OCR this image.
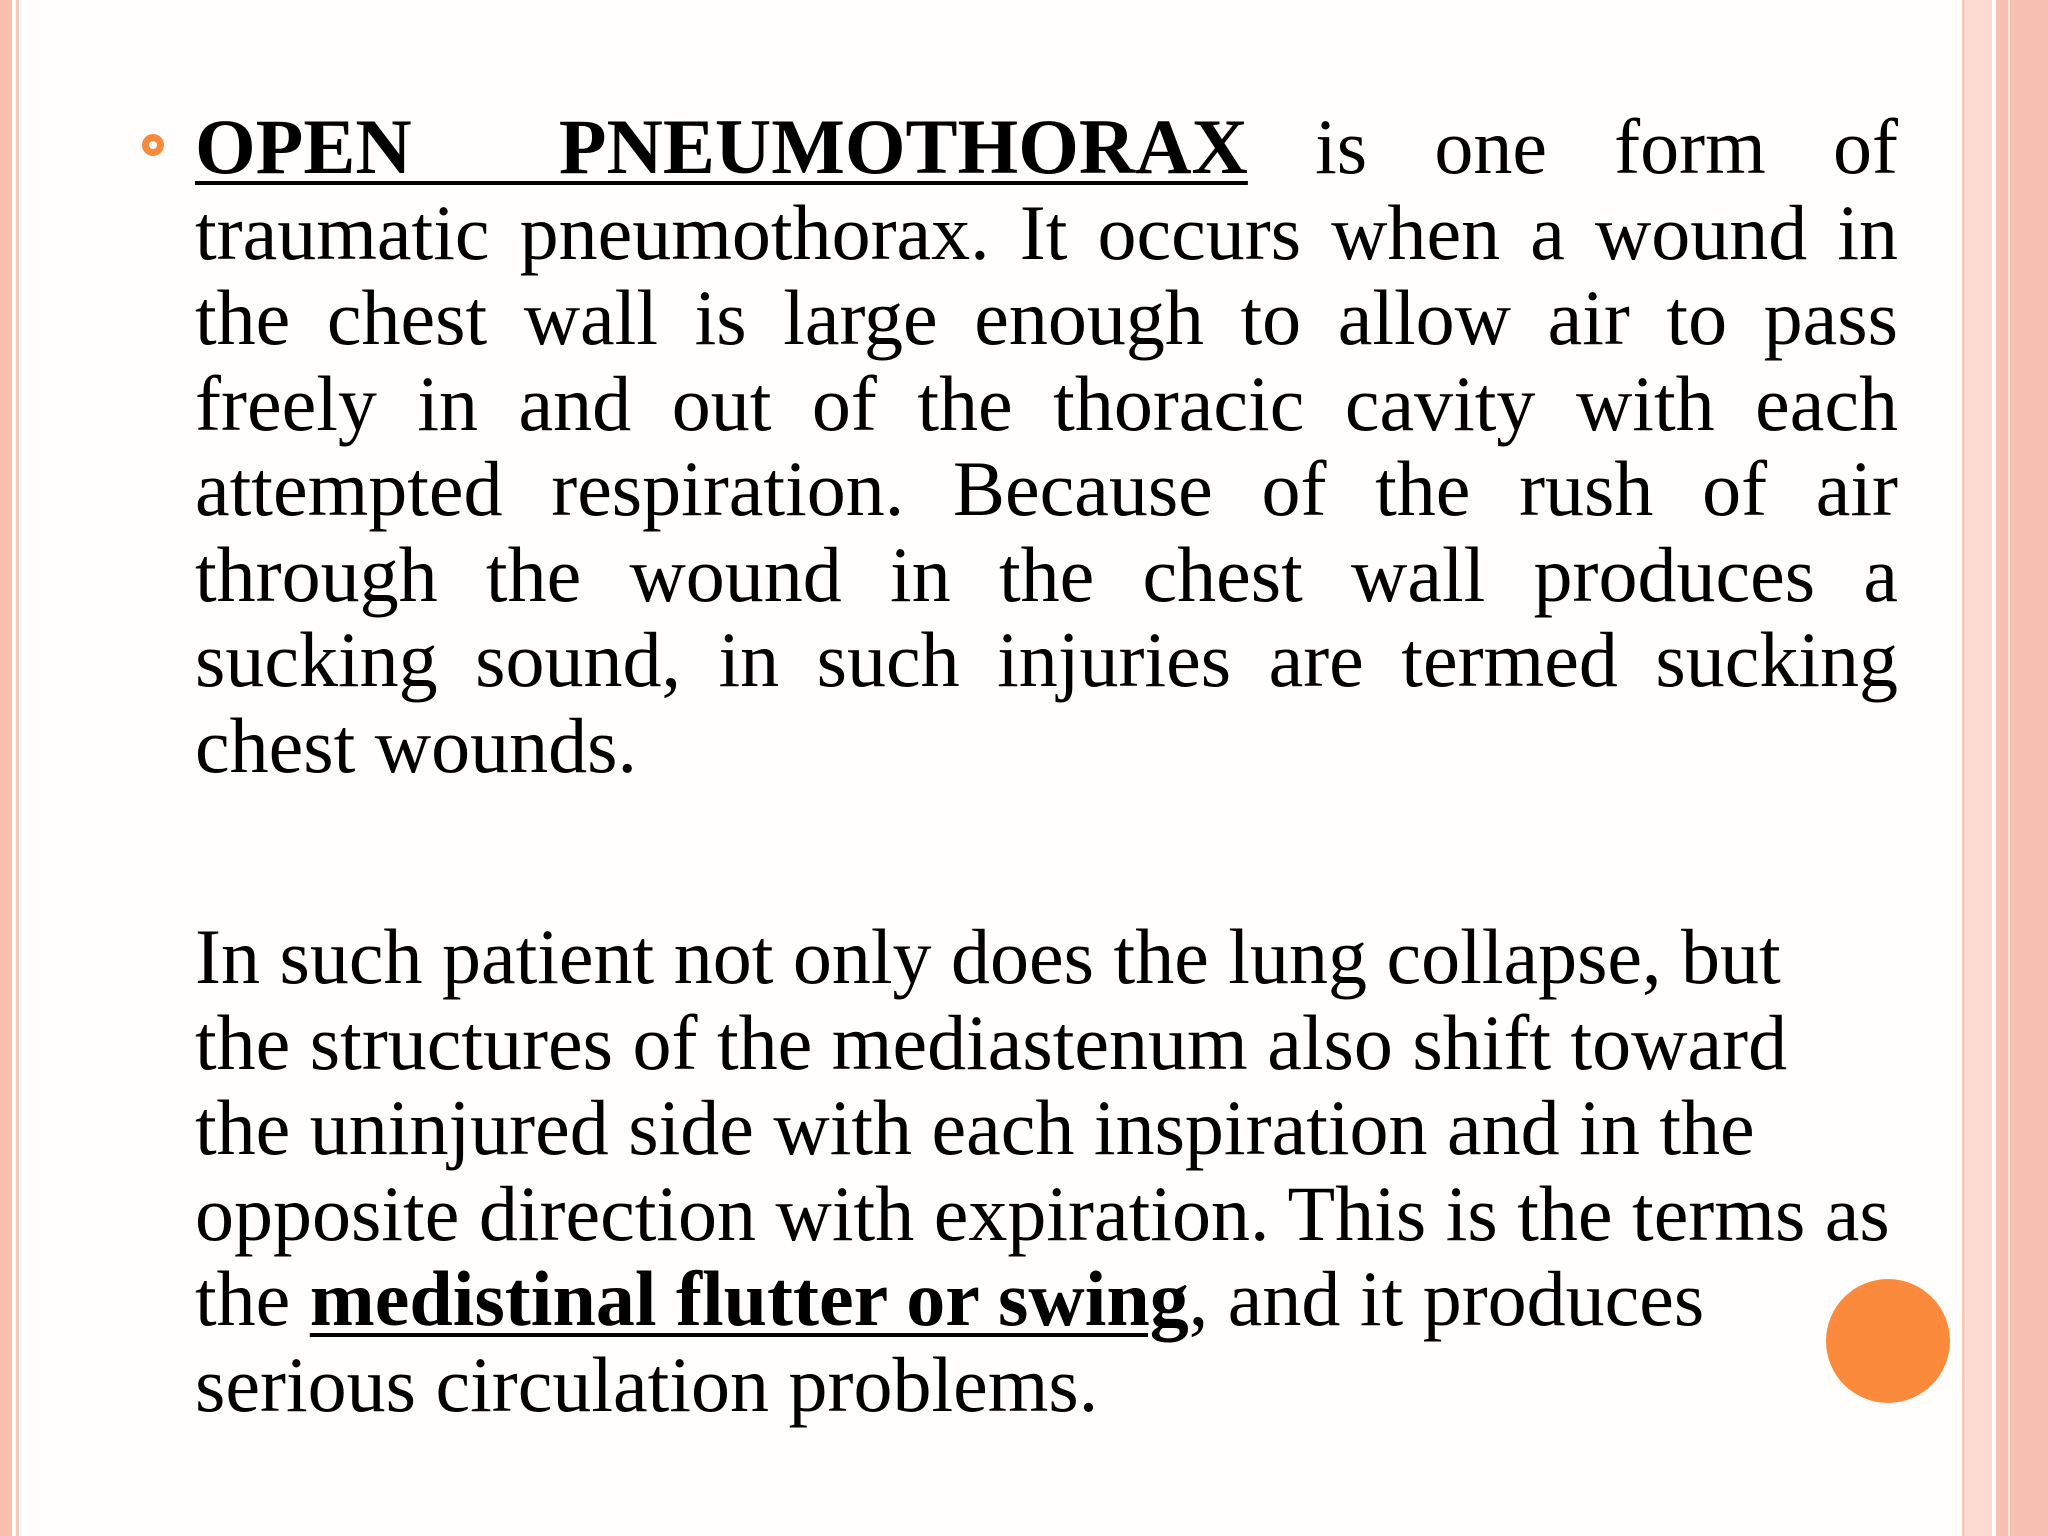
OPEN PNEUMOTHORAX is one form of
traumatic pneumothorax. It occurs when a wound in the chest wall is large enough to allow air to pass freely in and out of the thoracic cavity with each attempted respiration. Because of the rush of air through the wound in the chest wall produces a sucking sound, in such injuries are termed sucking chest wounds.
In such patient not only does the lung collapse, but the structures of the mediastenum also shift toward the uninjured side with each inspiration and in the opposite direction with expiration. This is the terms as the medistinal flutter or swing, and it produces serious circulation problems.
